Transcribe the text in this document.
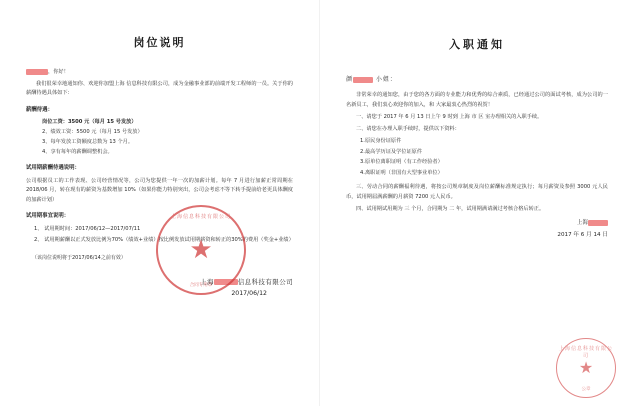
岗位说明
，你好！
我们很荣幸地通知你、欢迎你加盟上海 信息科技有限公司，成为金融事业部的前端开发工程师的一员。关于你的薪酬待遇具体如下：
薪酬待遇：
岗位工资：3500 元（每月 15 号发放）
2、绩效工资：5500 元（每月 15 号发放）
3、每年发放工资额度总数为 13 个月。
4、享有每年的薪酬调整机会。
试用期薪酬待遇说明：
公司根据员工的工作表现、公司经营情况等，公司为您提供一年一次的加薪计划。每年 7 月进行加薪正常周期在 2018/06 月，转在现有的薪资为基数增加 10%（如果你能力特别突出，公司会考虑不等下转手提前给老更具体酬度的加薪计划）
试用期事宜说明：
1、 试用期时间：2017/06/12—2017/07/11
2、 试用期薪酬以正式发放比例为70%（绩效+业绩）按比例发放试用期薪资和转正的30%的费用（奖金+业绩）
（该岗位说明将于2017/06/14之前有效）
上海	信息科技有限公司
2017/06/12
上海信息科技有限公司
★
合同专用章
入职通知
颜	小姐：
非常荣幸的通知您，由于您的各方面的专业能力和优秀的综合素质，已经通过公司的面试考核，成为公司的一名新员工，我们衷心欢迎你的加入，和 大家最衷心热烈的祝贺！
一、请您于 2017 年 6 月 13 日上午 9 时到 上海 市 区 室办理相关的入职手续。
二、请您在办理入职手续时，提供以下资料：
1.原民身份证原件
2.最高学历证及学位证原件
3.原单位离职证明（有工作经验者）
4.离职证明（非国有大型事业单位）
三、劳动合同的薪酬福利待遇，将按公司规章制度及岗位薪酬标准规定执行；每月薪资及参照 3000 元人民币，试用期届满薪酬的月薪资 7200 元人民币。
四、试用期试用期为 三 个月，合同期为 二 年，试用期满请满过考核合格后转正。
上海
2017 年 6 月 14 日
上海信息科技有限公司
★
公章
